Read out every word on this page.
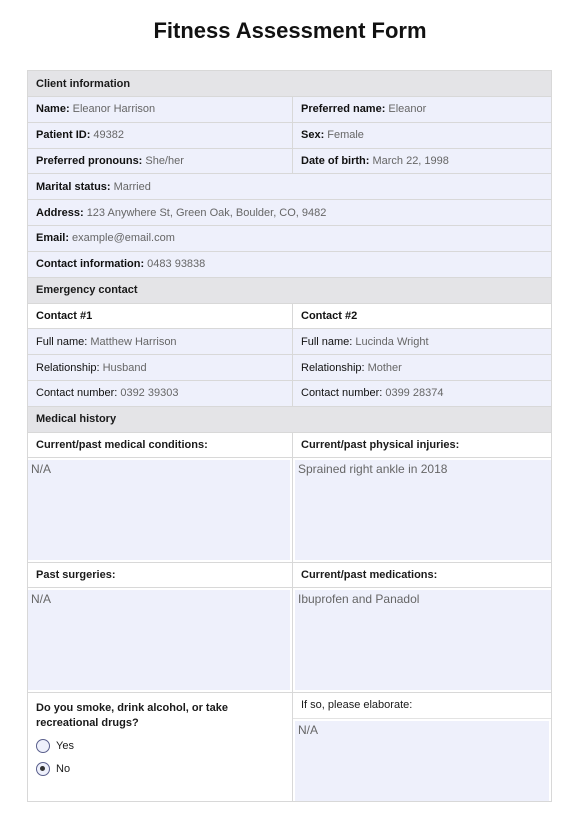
Fitness Assessment Form
Client information
Name: Eleanor Harrison	Preferred name: Eleanor
Patient ID: 49382	Sex: Female
Preferred pronouns: She/her	Date of birth: March 22, 1998
Marital status: Married
Address: 123 Anywhere St, Green Oak, Boulder, CO, 9482
Email: example@email.com
Contact information: 0483 93838
Emergency contact
Contact #1	Contact #2
Full name: Matthew Harrison	Full name: Lucinda Wright
Relationship: Husband	Relationship: Mother
Contact number: 0392 39303	Contact number: 0399 28374
Medical history
Current/past medical conditions:	Current/past physical injuries:
N/A	Sprained right ankle in 2018
Past surgeries:	Current/past medications:
N/A	Ibuprofen and Panadol
Do you smoke, drink alcohol, or take recreational drugs?
Yes
No
If so, please elaborate:
N/A
